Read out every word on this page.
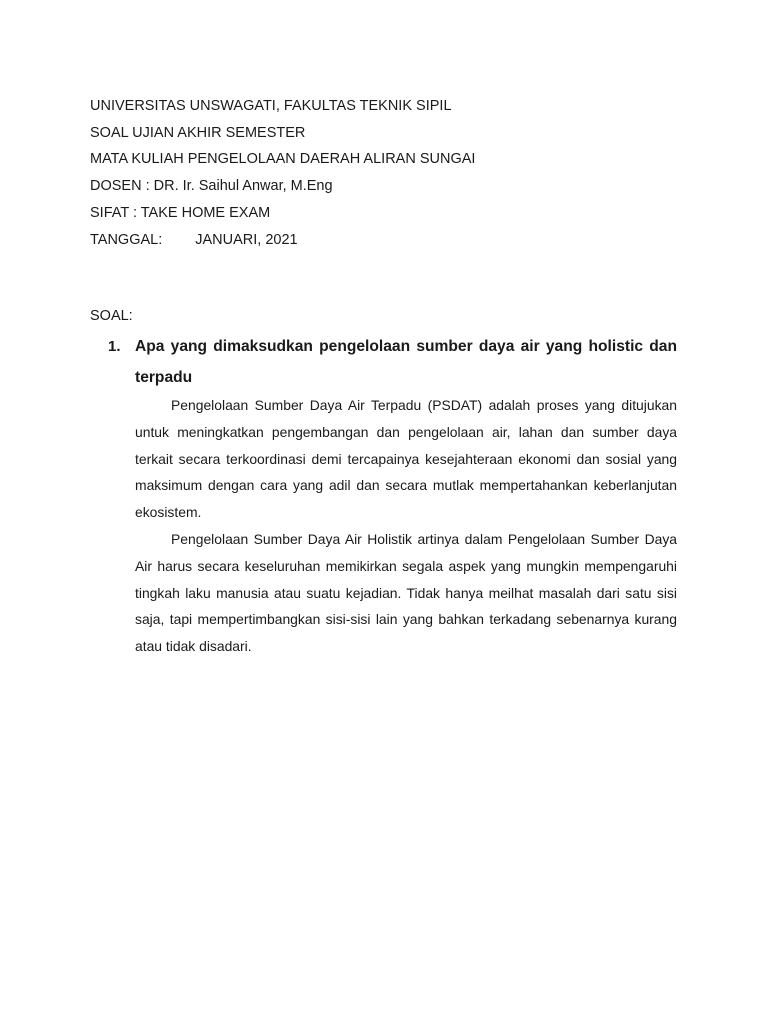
UNIVERSITAS UNSWAGATI, FAKULTAS TEKNIK SIPIL
SOAL UJIAN AKHIR SEMESTER
MATA KULIAH PENGELOLAAN DAERAH ALIRAN SUNGAI
DOSEN : DR. Ir. Saihul Anwar, M.Eng
SIFAT : TAKE HOME EXAM
TANGGAL: JANUARI, 2021
SOAL:
1. Apa yang dimaksudkan pengelolaan sumber daya air yang holistic dan terpadu

Pengelolaan Sumber Daya Air Terpadu (PSDAT) adalah proses yang ditujukan untuk meningkatkan pengembangan dan pengelolaan air, lahan dan sumber daya terkait secara terkoordinasi demi tercapainya kesejahteraan ekonomi dan sosial yang maksimum dengan cara yang adil dan secara mutlak mempertahankan keberlanjutan ekosistem.

Pengelolaan Sumber Daya Air Holistik artinya dalam Pengelolaan Sumber Daya Air harus secara keseluruhan memikirkan segala aspek yang mungkin mempengaruhi tingkah laku manusia atau suatu kejadian. Tidak hanya meilhat masalah dari satu sisi saja, tapi mempertimbangkan sisi-sisi lain yang bahkan terkadang sebenarnya kurang atau tidak disadari.
